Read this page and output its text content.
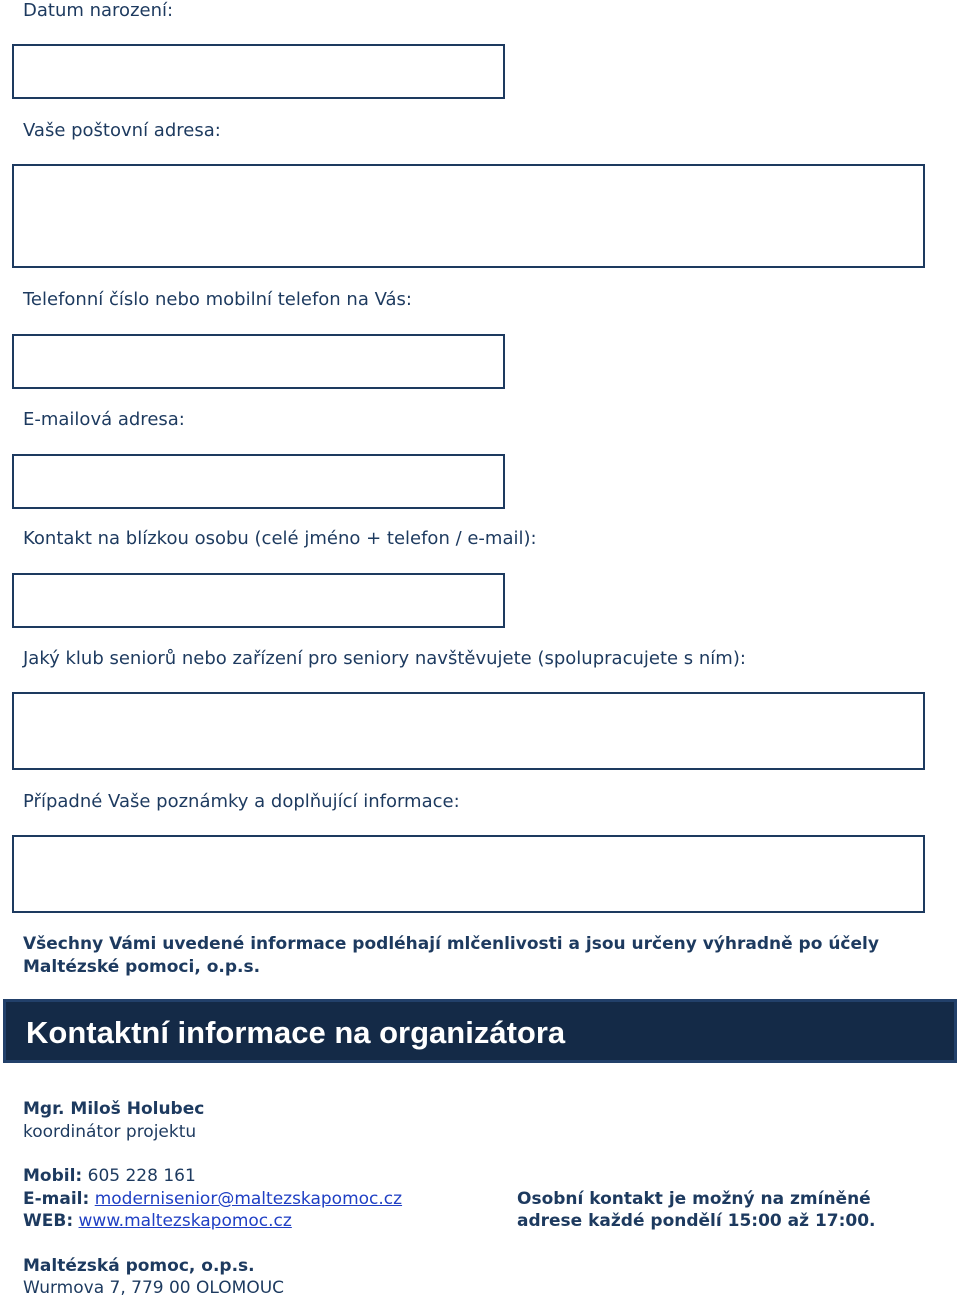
Datum narození:
Vaše poštovní adresa:
Telefonní číslo nebo mobilní telefon na Vás:
E-mailová adresa:
Kontakt na blízkou osobu (celé jméno + telefon / e-mail):
Jaký klub seniorů nebo zařízení pro seniory navštěvujete (spolupracujete s ním):
Případné Vaše poznámky a doplňující informace:
Všechny Vámi uvedené informace podléhají mlčenlivosti a jsou určeny výhradně po účely Maltézské pomoci, o.p.s.
Kontaktní informace na organizátora
Mgr. Miloš Holubec
koordinátor projektu
Mobil: 605 228 161
E-mail: modernisenior@maltezskapomoc.cz
WEB: www.maltezskapomoc.cz
Osobní kontakt je možný na zmíněné
adrese každé pondělí 15:00 až 17:00.
Maltézská pomoc, o.p.s.
Wurmova 7, 779 00 OLOMOUC
